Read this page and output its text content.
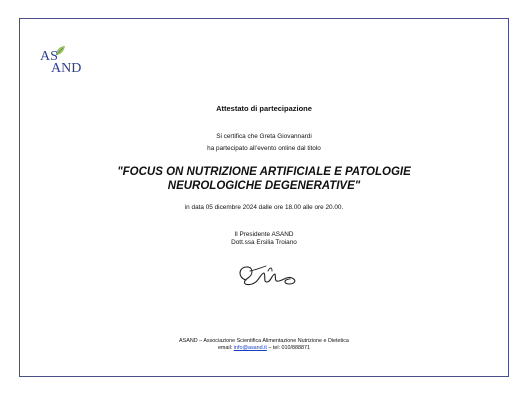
AS
AND
Attestato di partecipazione
Si certifica che Greta Giovannardi
ha partecipato all’evento online dal titolo
"FOCUS ON NUTRIZIONE ARTIFICIALE E PATOLOGIE NEUROLOGICHE DEGENERATIVE"
in data 05 dicembre 2024 dalle ore 18.00 alle ore 20.00.
Il Presidente ASAND
Dott.ssa Ersilia Troiano
ASAND – Associazione Scientifica Alimentazione Nutrizione e Dietetica
email: info@asand.it – tel: 010/888871
